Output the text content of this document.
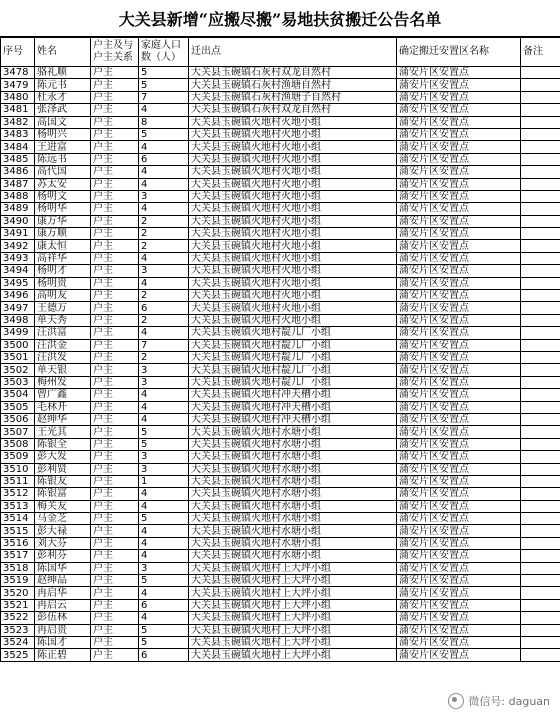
大关县新增“应搬尽搬”易地扶贫搬迁公告名单
序号	姓名	户主及与户主关系	家庭人口数（人）	迁出点	确定搬迁安置区名称	备注
3478	骆礼顺	户主	5	大关县玉碗镇石灰村双龙自然村	蒲安片区安置点	
3479	陈元书	户主	5	大关县玉碗镇石灰村渔塘自然村	蒲安片区安置点	
3480	杜永才	户主	7	大关县玉碗镇石灰村渔塘子自然村	蒲安片区安置点	
3481	张泽武	户主	4	大关县玉碗镇石灰村双龙自然村	蒲安片区安置点	
3482	高国文	户主	8	大关县玉碗镇火地村火地小组	蒲安片区安置点	
3483	杨明兴	户主	5	大关县玉碗镇火地村火地小组	蒲安片区安置点	
3484	王进富	户主	4	大关县玉碗镇火地村火地小组	蒲安片区安置点	
3485	陈远书	户主	6	大关县玉碗镇火地村火地小组	蒲安片区安置点	
3486	高代国	户主	4	大关县玉碗镇火地村火地小组	蒲安片区安置点	
3487	苏太安	户主	4	大关县玉碗镇火地村火地小组	蒲安片区安置点	
3488	杨明文	户主	3	大关县玉碗镇火地村火地小组	蒲安片区安置点	
3489	杨明华	户主	4	大关县玉碗镇火地村火地小组	蒲安片区安置点	
3490	康万华	户主	2	大关县玉碗镇火地村火地小组	蒲安片区安置点	
3491	康万顺	户主	2	大关县玉碗镇火地村火地小组	蒲安片区安置点	
3492	康太恒	户主	2	大关县玉碗镇火地村火地小组	蒲安片区安置点	
3493	高祥华	户主	4	大关县玉碗镇火地村火地小组	蒲安片区安置点	
3494	杨明才	户主	3	大关县玉碗镇火地村火地小组	蒲安片区安置点	
3495	杨明贵	户主	4	大关县玉碗镇火地村火地小组	蒲安片区安置点	
3496	高明友	户主	2	大关县玉碗镇火地村火地小组	蒲安片区安置点	
3497	王德万	户主	6	大关县玉碗镇火地村火地小组	蒲安片区安置点	
3498	单天秀	户主	2	大关县玉碗镇火地村火地小组	蒲安片区安置点	
3499	汪洪富	户主	4	大关县玉碗镇火地村靛儿厂小组	蒲安片区安置点	
3500	汪洪金	户主	7	大关县玉碗镇火地村靛儿厂小组	蒲安片区安置点	
3501	汪洪发	户主	2	大关县玉碗镇火地村靛儿厂小组	蒲安片区安置点	
3502	单天银	户主	3	大关县玉碗镇火地村靛儿厂小组	蒲安片区安置点	
3503	梅州发	户主	3	大关县玉碗镇火地村靛儿厂小组	蒲安片区安置点	
3504	曾广鑫	户主	4	大关县玉碗镇火地村冲天槽小组	蒲安片区安置点	
3505	毛林开	户主	4	大关县玉碗镇火地村冲天槽小组	蒲安片区安置点	
3506	赵绅华	户主	4	大关县玉碗镇火地村冲天槽小组	蒲安片区安置点	
3507	王光其	户主	5	大关县玉碗镇火地村水塘小组	蒲安片区安置点	
3508	陈银全	户主	5	大关县玉碗镇火地村水塘小组	蒲安片区安置点	
3509	彭大发	户主	3	大关县玉碗镇火地村水塘小组	蒲安片区安置点	
3510	彭利贤	户主	3	大关县玉碗镇火地村水塘小组	蒲安片区安置点	
3511	陈银友	户主	1	大关县玉碗镇火地村水塘小组	蒲安片区安置点	
3512	陈银富	户主	4	大关县玉碗镇火地村水塘小组	蒲安片区安置点	
3513	梅关友	户主	4	大关县玉碗镇火地村水塘小组	蒲安片区安置点	
3514	马金芝	户主	5	大关县玉碗镇火地村水塘小组	蒲安片区安置点	
3515	彭大禄	户主	4	大关县玉碗镇火地村水塘小组	蒲安片区安置点	
3516	刘大芬	户主	4	大关县玉碗镇火地村水塘小组	蒲安片区安置点	
3517	彭利芬	户主	4	大关县玉碗镇火地村水塘小组	蒲安片区安置点	
3518	陈国华	户主	3	大关县玉碗镇火地村上大坪小组	蒲安片区安置点	
3519	赵绅品	户主	5	大关县玉碗镇火地村上大坪小组	蒲安片区安置点	
3520	冉启华	户主	4	大关县玉碗镇火地村上大坪小组	蒲安片区安置点	
3521	冉启云	户主	6	大关县玉碗镇火地村上大坪小组	蒲安片区安置点	
3522	彭伍林	户主	4	大关县玉碗镇火地村上大坪小组	蒲安片区安置点	
3523	冉启贵	户主	5	大关县玉碗镇火地村上大坪小组	蒲安片区安置点	
3524	陈国才	户主	5	大关县玉碗镇火地村上大坪小组	蒲安片区安置点	
3525	陈正碧	户主	6	大关县玉碗镇火地村上大坪小组	蒲安片区安置点	
微信号: daguan
